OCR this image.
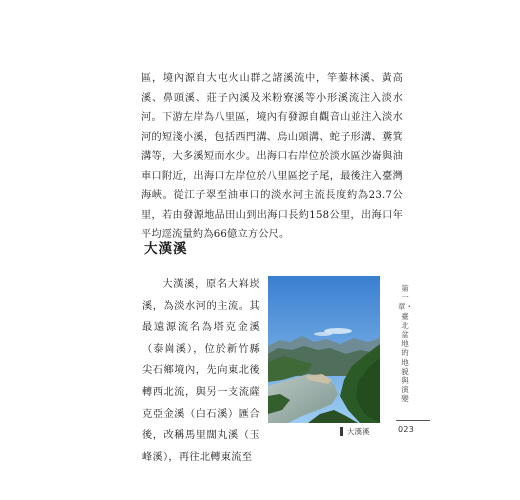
區，境內源自大屯火山群之諸溪流中，竿蓁林溪、黃高溪、鼻頭溪、莊子內溪及米粉寮溪等小形溪流注入淡水河。下游左岸為八里區，境內有發源自觀音山並注入淡水河的短淺小溪，包括西門溝、烏山頭溝、蛇子形溝、糞箕溝等，大多溪短而水少。出海口右岸位於淡水區沙崙與油車口附近，出海口左岸位於八里區挖子尾，最後注入臺灣海峽。從江子翠至油車口的淡水河主流長度約為23.7公里，若由發源地品田山到出海口長約158公里，出海口年平均逕流量約為66億立方公尺。

大漢溪

大漢溪，原名大嵙崁溪，為淡水河的主流。其最遠源流名為塔克金溪（泰崗溪），位於新竹縣尖石鄉境內，先向東北後轉西北流，與另一支流薩克亞金溪（白石溪）匯合後，改稱馬里闊丸溪（玉峰溪），再往北轉東流至

大漢溪
第一章・臺北盆地的地貌與演變
023
